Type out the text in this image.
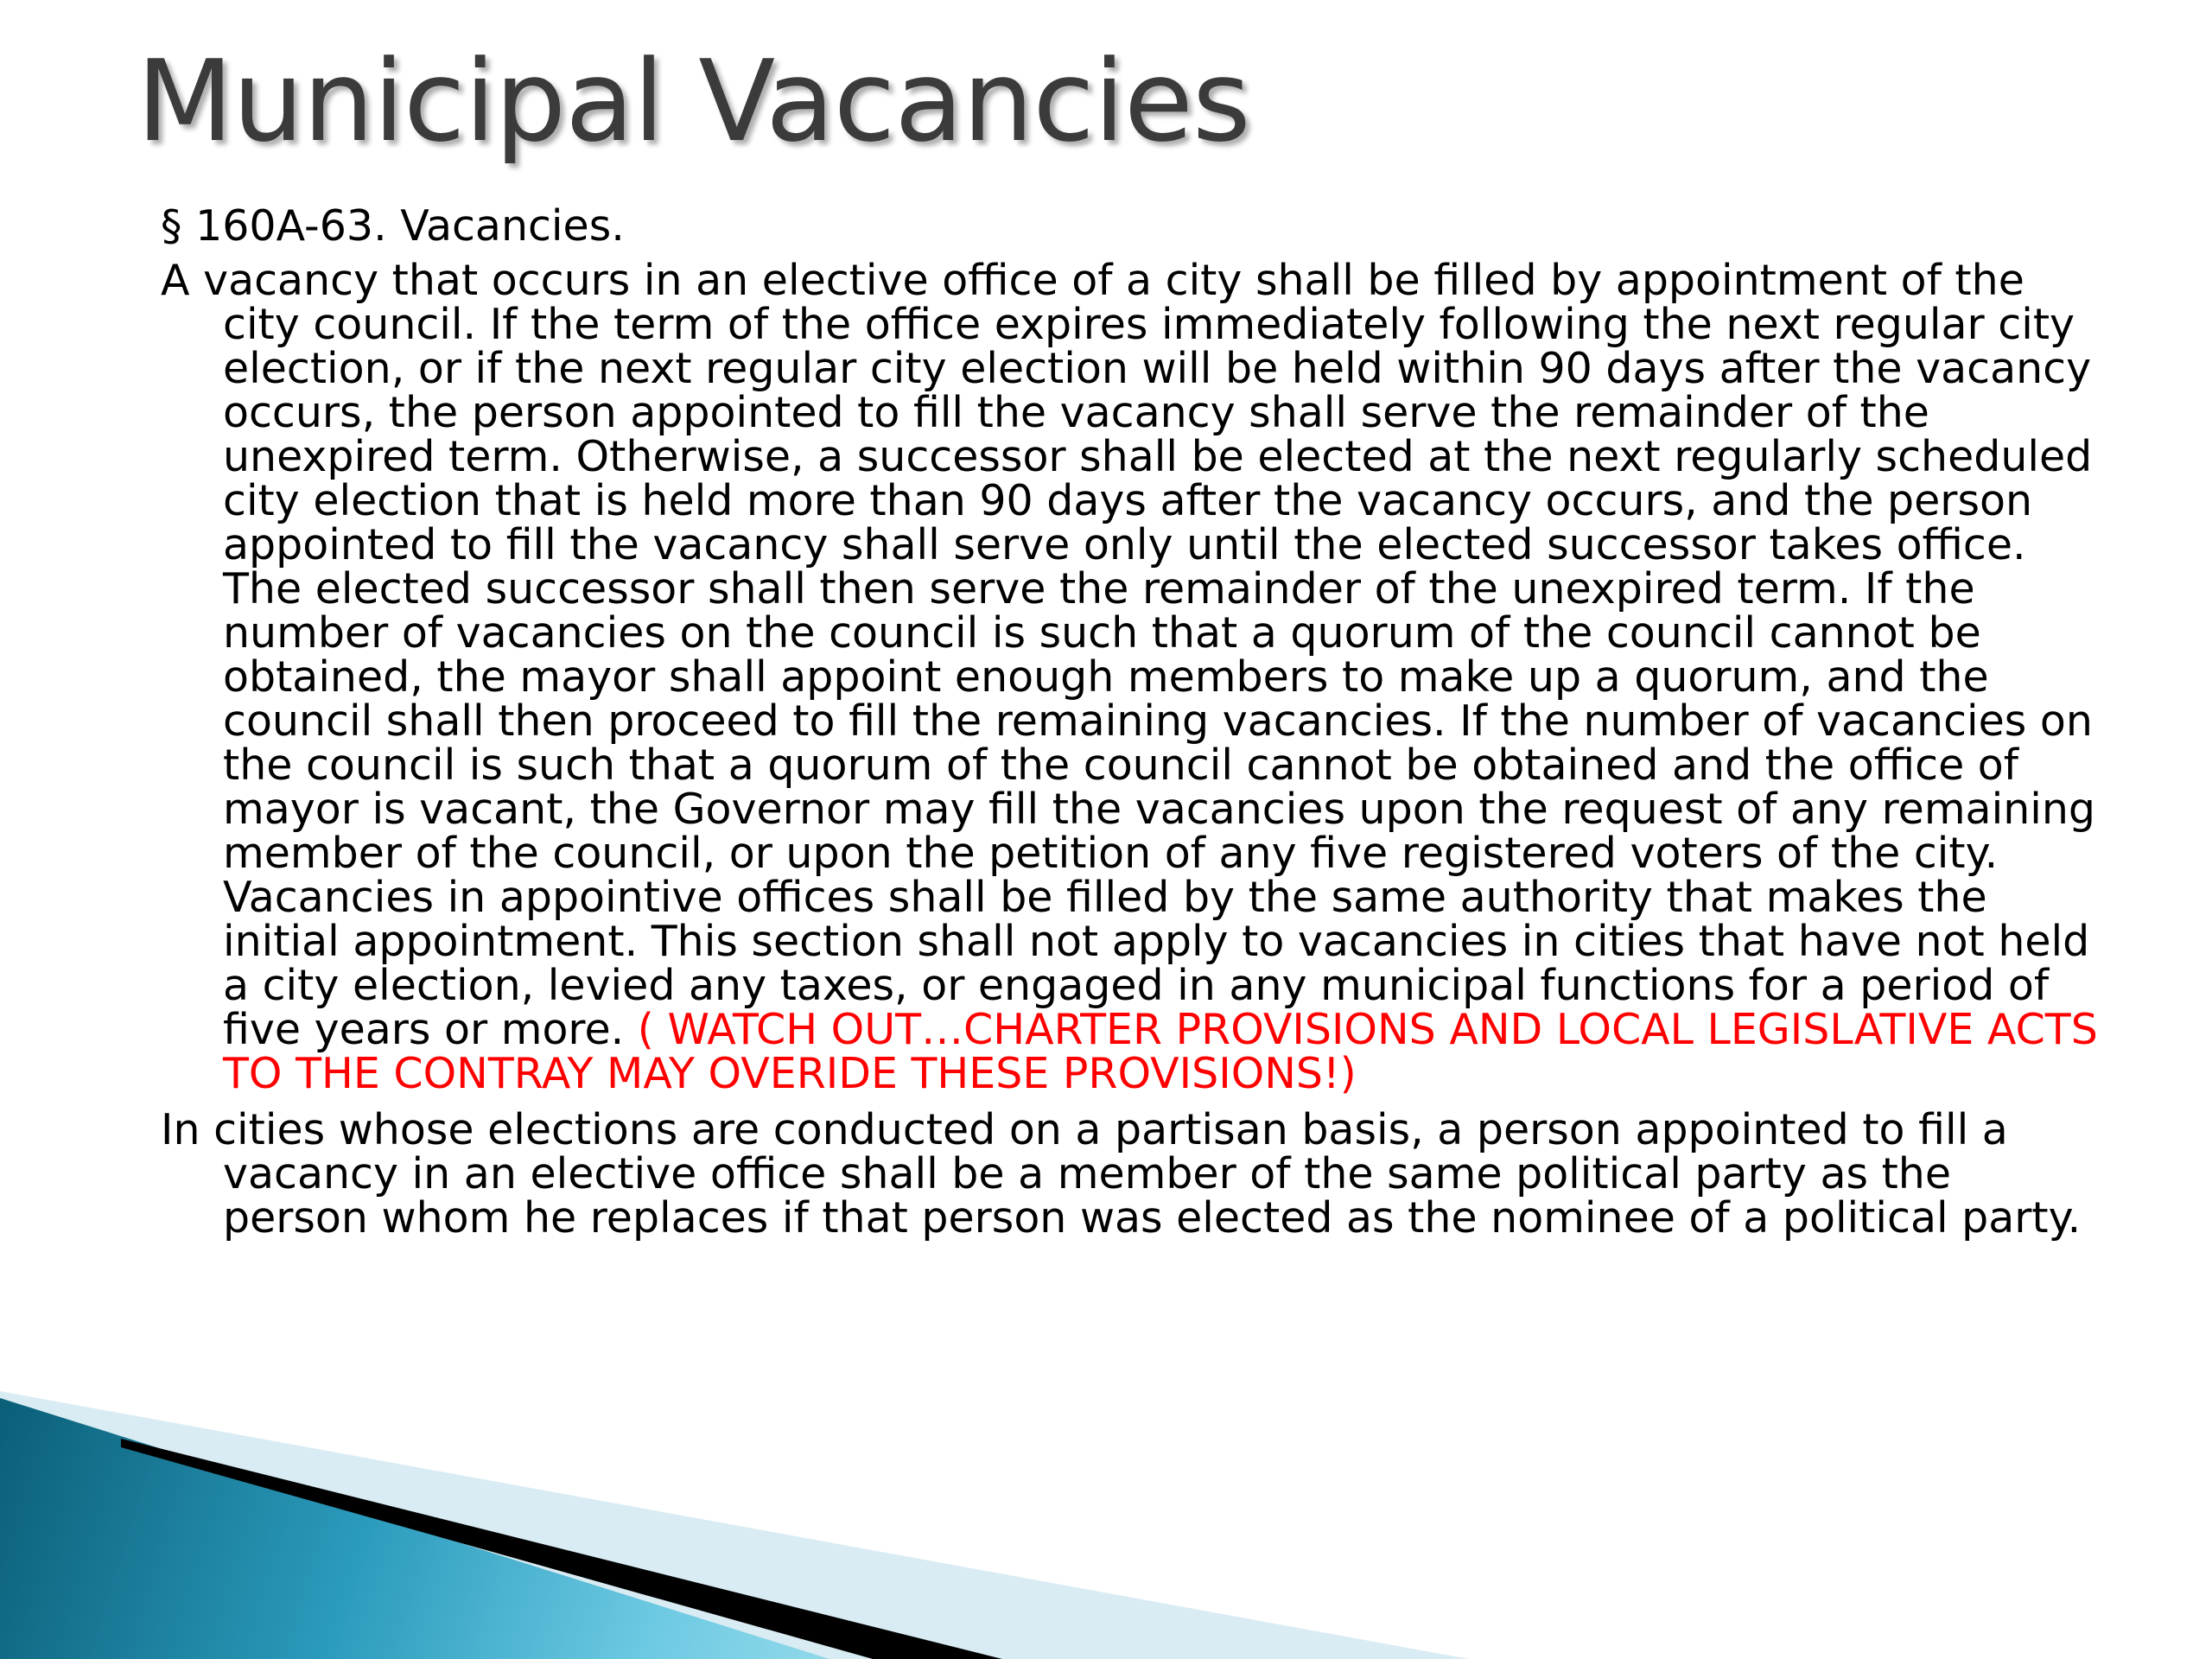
Municipal Vacancies

§ 160A-63. Vacancies.

A vacancy that occurs in an elective office of a city shall be filled by appointment of the city council. If the term of the office expires immediately following the next regular city election, or if the next regular city election will be held within 90 days after the vacancy occurs, the person appointed to fill the vacancy shall serve the remainder of the unexpired term. Otherwise, a successor shall be elected at the next regularly scheduled city election that is held more than 90 days after the vacancy occurs, and the person appointed to fill the vacancy shall serve only until the elected successor takes office. The elected successor shall then serve the remainder of the unexpired term. If the number of vacancies on the council is such that a quorum of the council cannot be obtained, the mayor shall appoint enough members to make up a quorum, and the council shall then proceed to fill the remaining vacancies. If the number of vacancies on the council is such that a quorum of the council cannot be obtained and the office of mayor is vacant, the Governor may fill the vacancies upon the request of any remaining member of the council, or upon the petition of any five registered voters of the city. Vacancies in appointive offices shall be filled by the same authority that makes the initial appointment. This section shall not apply to vacancies in cities that have not held a city election, levied any taxes, or engaged in any municipal functions for a period of five years or more. ( WATCH OUT…CHARTER PROVISIONS AND LOCAL LEGISLATIVE ACTS TO THE CONTRAY MAY OVERIDE THESE PROVISIONS!)

In cities whose elections are conducted on a partisan basis, a person appointed to fill a vacancy in an elective office shall be a member of the same political party as the person whom he replaces if that person was elected as the nominee of a political party.
